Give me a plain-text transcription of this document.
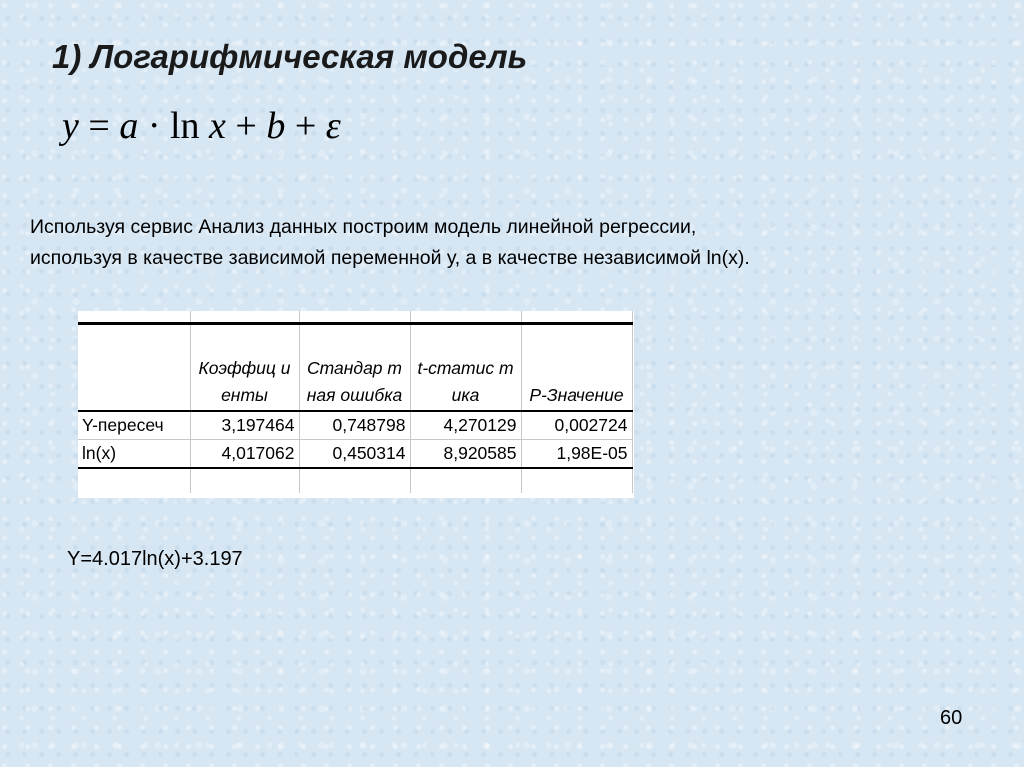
1) Логарифмическая модель
y = a · ln x + b + ε

Используя сервис Анализ данных построим модель линейной регрессии,
используя в качестве зависимой переменной у, а в качестве независимой ln(x).

	Коэффиц иенты	Стандар тная ошибка	t-статис тика	P-Значение
Y-пересеч	3,197464	0,748798	4,270129	0,002724
ln(x)	4,017062	0,450314	8,920585	1,98E-05

Y=4.017ln(x)+3.197

60
